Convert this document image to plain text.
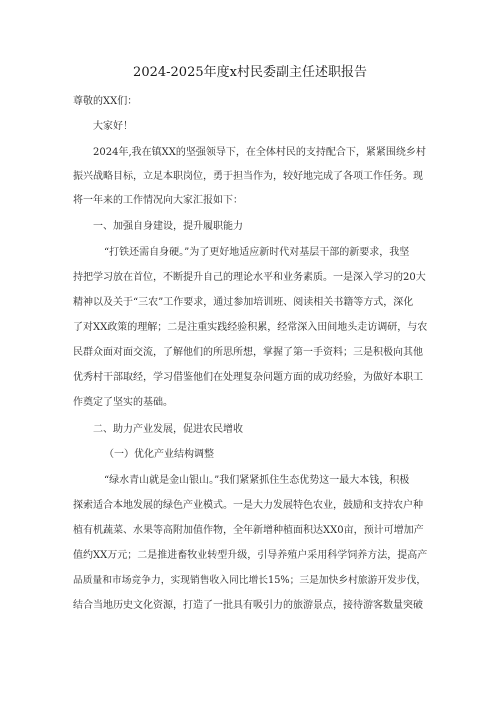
2024-2025年度x村民委副主任述职报告
尊敬的XX们：
大家好！
2024年,我在镇XX的坚强领导下，在全体村民的支持配合下，紧紧围绕乡村
振兴战略目标，立足本职岗位，勇于担当作为，较好地完成了各项工作任务。现
将一年来的工作情况向大家汇报如下：
一、加强自身建设，提升履职能力
“打铁还需自身硬。”为了更好地适应新时代对基层干部的新要求，我坚
持把学习放在首位，不断提升自己的理论水平和业务素质。一是深入学习的20大
精神以及关于“三农”工作要求，通过参加培训班、阅读相关书籍等方式，深化
了对XX政策的理解；二是注重实践经验积累，经常深入田间地头走访调研，与农
民群众面对面交流，了解他们的所思所想，掌握了第一手资料；三是积极向其他
优秀村干部取经，学习借鉴他们在处理复杂问题方面的成功经验，为做好本职工
作奠定了坚实的基础。
二、助力产业发展，促进农民增收
（一）优化产业结构调整
“绿水青山就是金山银山。”我们紧紧抓住生态优势这一最大本钱，积极
探索适合本地发展的绿色产业模式。一是大力发展特色农业，鼓励和支持农户种
植有机蔬菜、水果等高附加值作物，全年新增种植面积达XX0亩，预计可增加产
值约XX万元；二是推进畜牧业转型升级，引导养殖户采用科学饲养方法，提高产
品质量和市场竞争力，实现销售收入同比增长15%；三是加快乡村旅游开发步伐，
结合当地历史文化资源，打造了一批具有吸引力的旅游景点，接待游客数量突破
